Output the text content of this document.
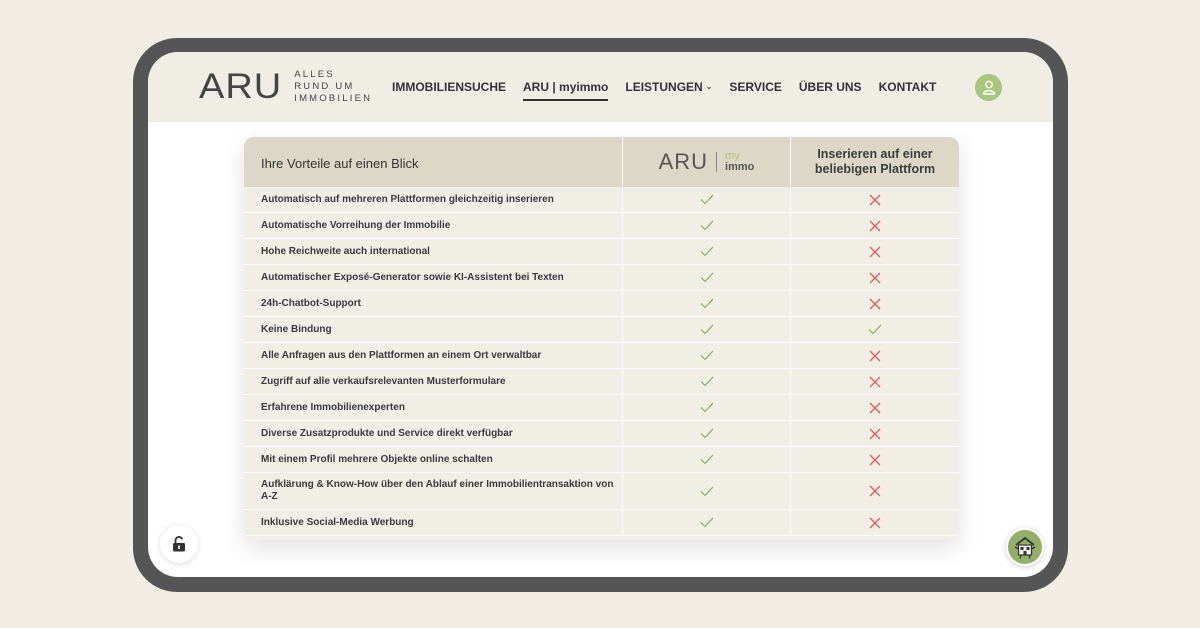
ARU ALLES
RUND UM
IMMOBILIEN
IMMOBILIENSUCHE ARU | myimmo LEISTUNGEN ⌄ SERVICE ÜBER UNS KONTAKT
Ihre Vorteile auf einen Blick	ARU my
immo
Inserieren auf einer beliebigen Plattform
Automatisch auf mehreren Plattformen gleichzeitig inserieren
Automatische Vorreihung der Immobilie
Hohe Reichweite auch international
Automatischer Exposé-Generator sowie KI-Assistent bei Texten
24h-Chatbot-Support
Keine Bindung
Alle Anfragen aus den Plattformen an einem Ort verwaltbar
Zugriff auf alle verkaufsrelevanten Musterformulare
Erfahrene Immobilienexperten
Diverse Zusatzprodukte und Service direkt verfügbar
Mit einem Profil mehrere Objekte online schalten
Aufklärung & Know-How über den Ablauf einer Immobilientransaktion von A-Z
Inklusive Social-Media Werbung
